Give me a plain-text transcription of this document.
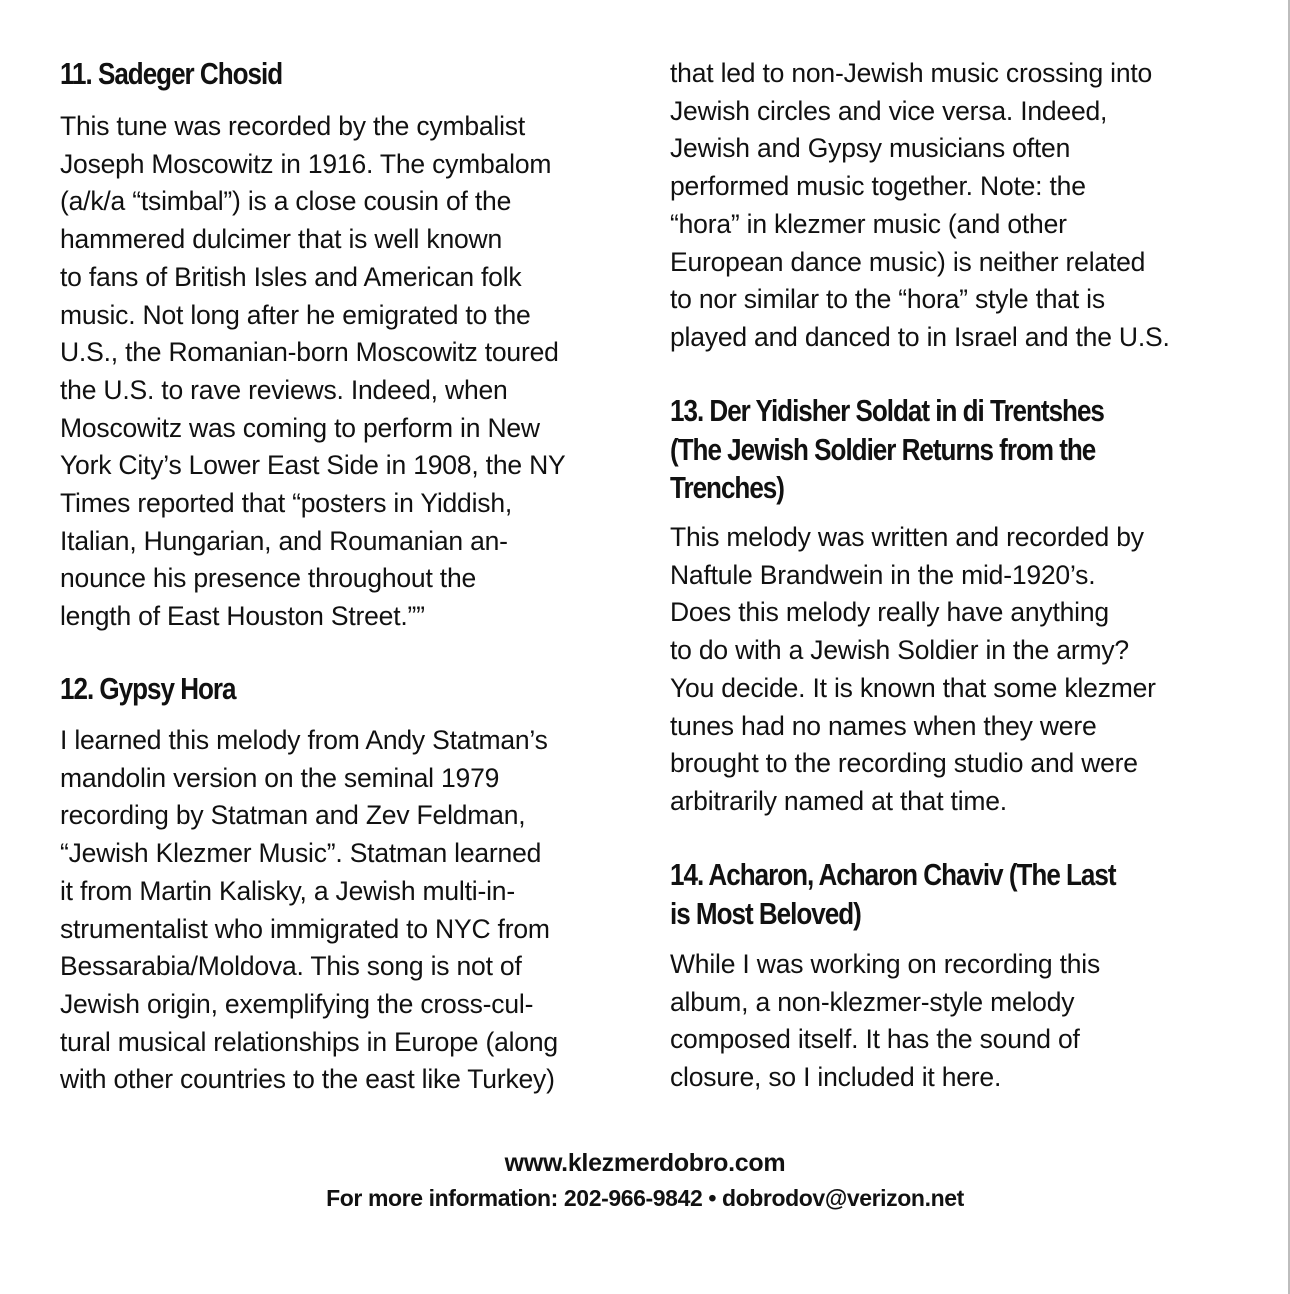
11. Sadeger Chosid
This tune was recorded by the cymbalist
Joseph Moscowitz in 1916. The cymbalom
(a/k/a “tsimbal”) is a close cousin of the
hammered dulcimer that is well known
to fans of British Isles and American folk
music. Not long after he emigrated to the
U.S., the Romanian-born Moscowitz toured
the U.S. to rave reviews. Indeed, when
Moscowitz was coming to perform in New
York City’s Lower East Side in 1908, the NY
Times reported that “posters in Yiddish,
Italian, Hungarian, and Roumanian an-
nounce his presence throughout the
length of East Houston Street.””
12. Gypsy Hora
I learned this melody from Andy Statman’s
mandolin version on the seminal 1979
recording by Statman and Zev Feldman,
“Jewish Klezmer Music”. Statman learned
it from Martin Kalisky, a Jewish multi-in-
strumentalist who immigrated to NYC from
Bessarabia/Moldova. This song is not of
Jewish origin, exemplifying the cross-cul-
tural musical relationships in Europe (along
with other countries to the east like Turkey)
that led to non-Jewish music crossing into
Jewish circles and vice versa. Indeed,
Jewish and Gypsy musicians often
performed music together. Note: the
“hora” in klezmer music (and other
European dance music) is neither related
to nor similar to the “hora” style that is
played and danced to in Israel and the U.S.
13. Der Yidisher Soldat in di Trentshes
(The Jewish Soldier Returns from the
Trenches)
This melody was written and recorded by
Naftule Brandwein in the mid-1920’s.
Does this melody really have anything
to do with a Jewish Soldier in the army?
You decide. It is known that some klezmer
tunes had no names when they were
brought to the recording studio and were
arbitrarily named at that time.
14. Acharon, Acharon Chaviv (The Last
is Most Beloved)
While I was working on recording this
album, a non-klezmer-style melody
composed itself. It has the sound of
closure, so I included it here.
www.klezmerdobro.com
For more information: 202-966-9842 • dobrodov@verizon.net
